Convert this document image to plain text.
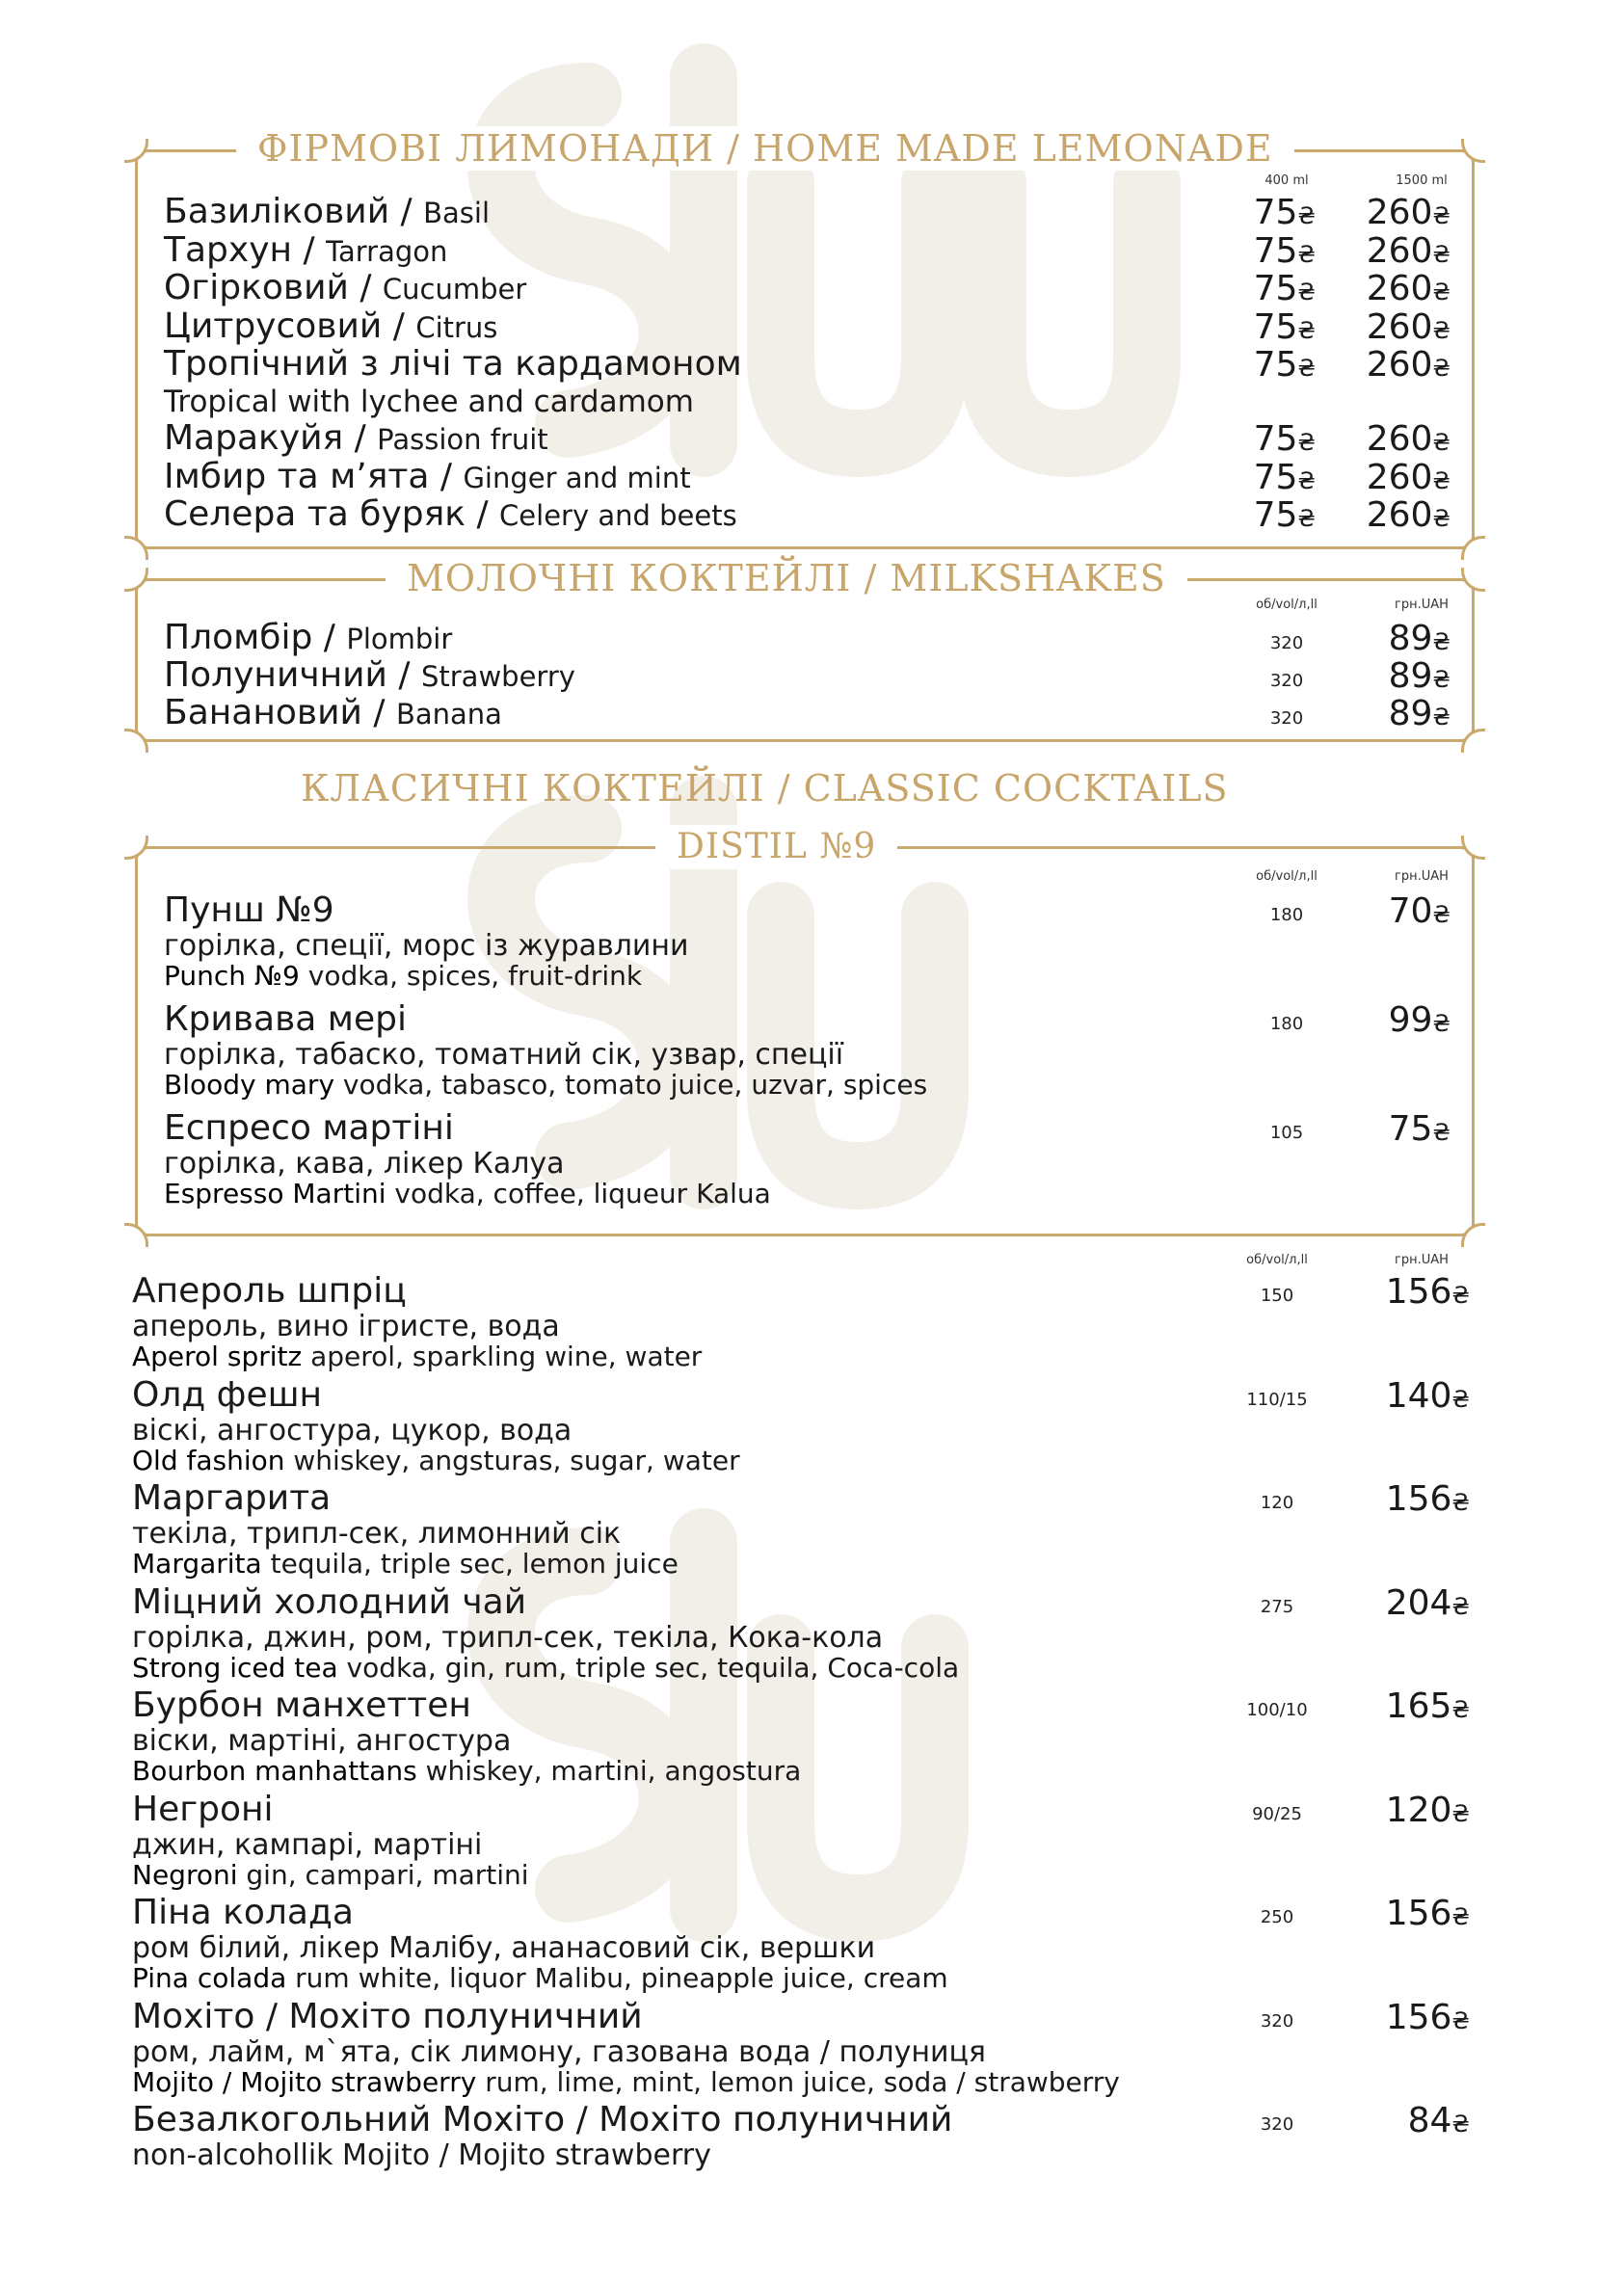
ФІРМОВІ ЛИМОНАДИ / HOME MADE LEMONADE
400 ml	1500 ml
Базиліковий / Basil	75₴	260₴
Тархун / Tarragon	75₴	260₴
Огірковий / Cucumber	75₴	260₴
Цитрусовий / Citrus	75₴	260₴
Тропічний з лічі та кардамоном	75₴	260₴
Tropical with lychee and cardamom
Маракуйя / Passion fruit	75₴	260₴
Імбир та м’ята / Ginger and mint	75₴	260₴
Селера та буряк / Celery and beets	75₴	260₴
МОЛОЧНІ КОКТЕЙЛІ / MILKSHAKES
об/vol/л,ll	грн.UAH
Пломбір / Plombir	320	89₴
Полуничний / Strawberry	320	89₴
Банановий / Banana	320	89₴
КЛАСИЧНІ КОКТЕЙЛІ / CLASSIC COCKTAILS
DISTIL №9
об/vol/л,ll	грн.UAH
Пунш №9
горілка, спеції, морс із журавлини
Punch №9 vodka, spices, fruit-drink
180	70₴
Кривава мері
горілка, табаско, томатний сік, узвар, спеції
Bloody mary vodka, tabasco, tomato juice, uzvar, spices
180	99₴
Еспресо мартіні
горілка, кава, лікер Калуа
Espresso Martini vodka, coffee, liqueur Kalua
105	75₴
об/vol/л,ll	грн.UAH
Апероль шпріц
апероль, вино ігристе, вода
Aperol spritz aperol, sparkling wine, water
150	156₴
Олд фешн
віскі, ангостура, цукор, вода
Old fashion whiskey, angsturas, sugar, water
110/15	140₴
Маргарита
текіла, трипл-сек, лимонний сік
Margarita tequila, triple sec, lemon juice
120	156₴
Міцний холодний чай
горілка, джин, ром, трипл-сек, текіла, Кока-кола
Strong iced tea vodka, gin, rum, triple sec, tequila, Coca-cola
275	204₴
Бурбон манхеттен
віски, мартіні, ангостура
Bourbon manhattans whiskey, martini, angostura
100/10	165₴
Негроні
джин, кампарі, мартіні
Negroni gin, campari, martini
90/25	120₴
Піна колада
ром білий, лікер Малібу, ананасовий сік, вершки
Pina colada rum white, liquor Malibu, pineapple juice, cream
250	156₴
Мохіто / Мохіто полуничний
ром, лайм, м`ята, сік лимону, газована вода / полуниця
Mojito / Mojito strawberry rum, lime, mint, lemon juice, soda / strawberry
320	156₴
Безалкогольний Мохіто / Мохіто полуничний
non-alcohollik Mojito / Mojito strawberry
320	84₴
